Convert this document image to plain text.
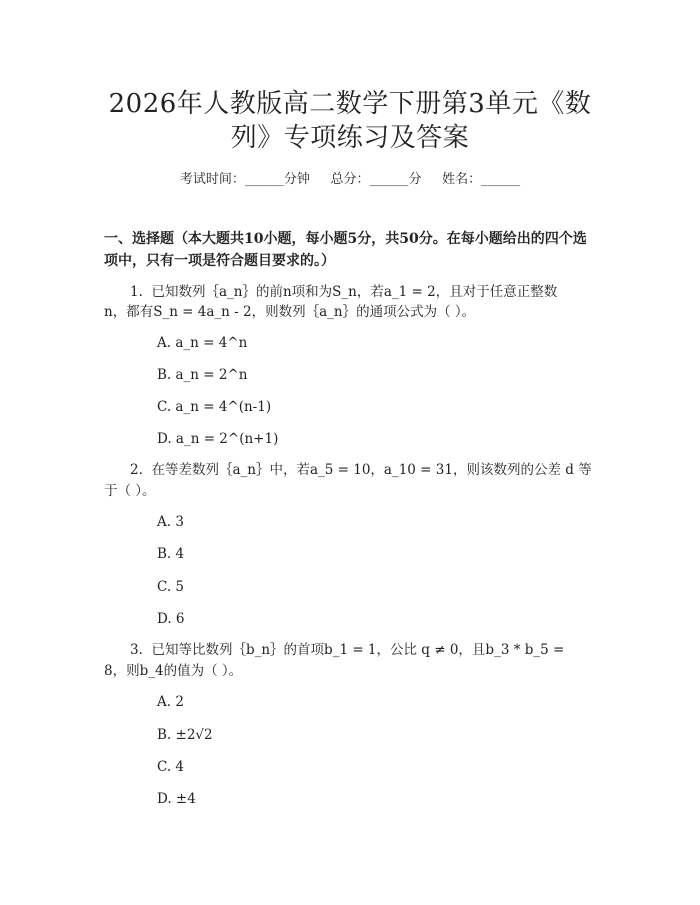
2026年人教版高二数学下册第3单元《数
列》专项练习及答案
考试时间：______分钟     总分：______分     姓名：______
一、选择题（本大题共10小题，每小题5分，共50分。在每小题给出的四个选
项中，只有一项是符合题目要求的。）
1.  已知数列｛a_n｝的前n项和为S_n，若a_1 = 2，且对于任意正整数
n，都有S_n = 4a_n - 2，则数列｛a_n｝的通项公式为（ ）。
A. a_n = 4^n
B. a_n = 2^n
C. a_n = 4^(n-1)
D. a_n = 2^(n+1)
2.  在等差数列｛a_n｝中，若a_5 = 10，a_10 = 31，则该数列的公差 d 等
于（ ）。
A. 3
B. 4
C. 5
D. 6
3.  已知等比数列｛b_n｝的首项b_1 = 1，公比 q ≠ 0，且b_3 * b_5 =
8，则b_4的值为（ ）。
A. 2
B. ±2√2
C. 4
D. ±4
